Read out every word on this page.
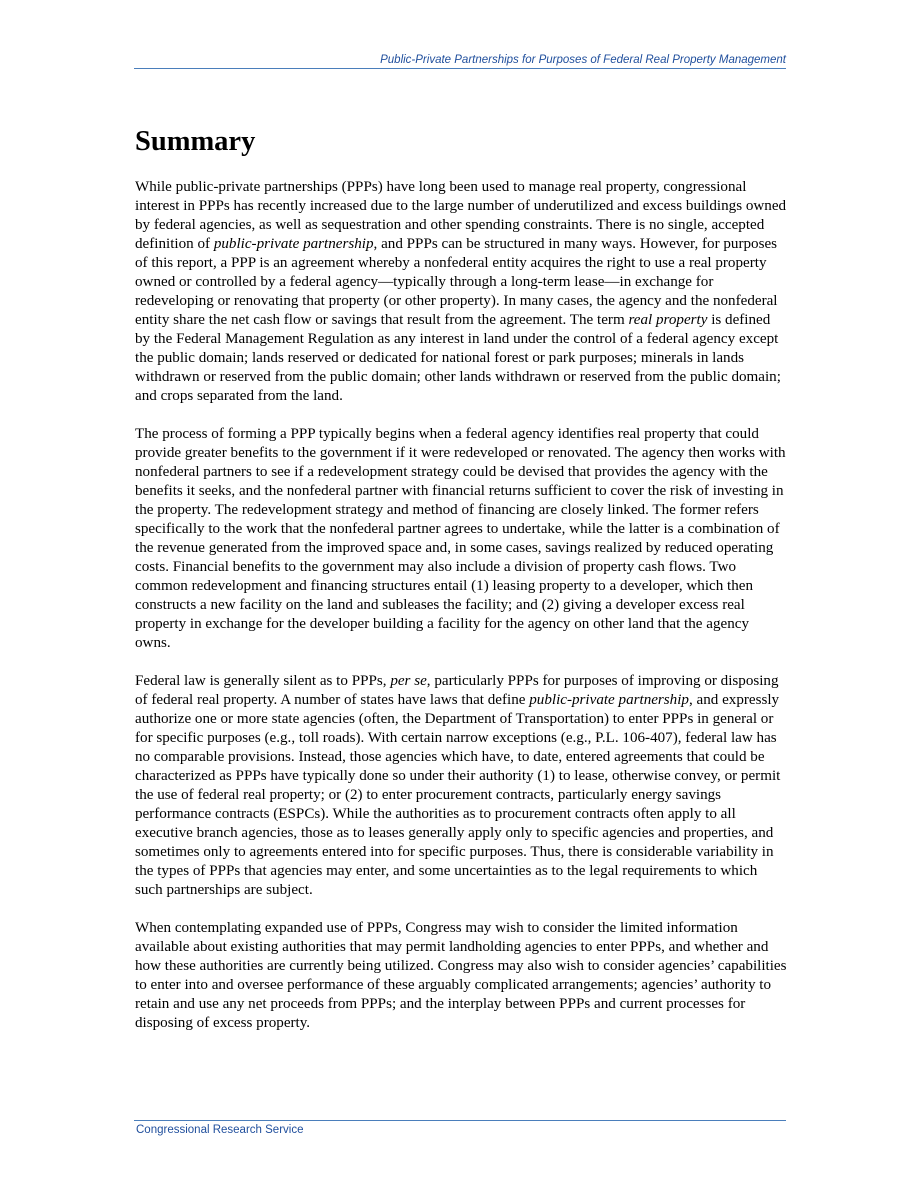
Public-Private Partnerships for Purposes of Federal Real Property Management
Summary

While public-private partnerships (PPPs) have long been used to manage real property, congressional interest in PPPs has recently increased due to the large number of underutilized and excess buildings owned by federal agencies, as well as sequestration and other spending constraints. There is no single, accepted definition of public-private partnership, and PPPs can be structured in many ways. However, for purposes of this report, a PPP is an agreement whereby a nonfederal entity acquires the right to use a real property owned or controlled by a federal agency—typically through a long-term lease—in exchange for redeveloping or renovating that property (or other property). In many cases, the agency and the nonfederal entity share the net cash flow or savings that result from the agreement. The term real property is defined by the Federal Management Regulation as any interest in land under the control of a federal agency except the public domain; lands reserved or dedicated for national forest or park purposes; minerals in lands withdrawn or reserved from the public domain; other lands withdrawn or reserved from the public domain; and crops separated from the land.

The process of forming a PPP typically begins when a federal agency identifies real property that could provide greater benefits to the government if it were redeveloped or renovated. The agency then works with nonfederal partners to see if a redevelopment strategy could be devised that provides the agency with the benefits it seeks, and the nonfederal partner with financial returns sufficient to cover the risk of investing in the property. The redevelopment strategy and method of financing are closely linked. The former refers specifically to the work that the nonfederal partner agrees to undertake, while the latter is a combination of the revenue generated from the improved space and, in some cases, savings realized by reduced operating costs. Financial benefits to the government may also include a division of property cash flows. Two common redevelopment and financing structures entail (1) leasing property to a developer, which then constructs a new facility on the land and subleases the facility; and (2) giving a developer excess real property in exchange for the developer building a facility for the agency on other land that the agency owns.

Federal law is generally silent as to PPPs, per se, particularly PPPs for purposes of improving or disposing of federal real property. A number of states have laws that define public-private partnership, and expressly authorize one or more state agencies (often, the Department of Transportation) to enter PPPs in general or for specific purposes (e.g., toll roads). With certain narrow exceptions (e.g., P.L. 106-407), federal law has no comparable provisions. Instead, those agencies which have, to date, entered agreements that could be characterized as PPPs have typically done so under their authority (1) to lease, otherwise convey, or permit the use of federal real property; or (2) to enter procurement contracts, particularly energy savings performance contracts (ESPCs). While the authorities as to procurement contracts often apply to all executive branch agencies, those as to leases generally apply only to specific agencies and properties, and sometimes only to agreements entered into for specific purposes. Thus, there is considerable variability in the types of PPPs that agencies may enter, and some uncertainties as to the legal requirements to which such partnerships are subject.

When contemplating expanded use of PPPs, Congress may wish to consider the limited information available about existing authorities that may permit landholding agencies to enter PPPs, and whether and how these authorities are currently being utilized. Congress may also wish to consider agencies’ capabilities to enter into and oversee performance of these arguably complicated arrangements; agencies’ authority to retain and use any net proceeds from PPPs; and the interplay between PPPs and current processes for disposing of excess property.

Congressional Research Service
